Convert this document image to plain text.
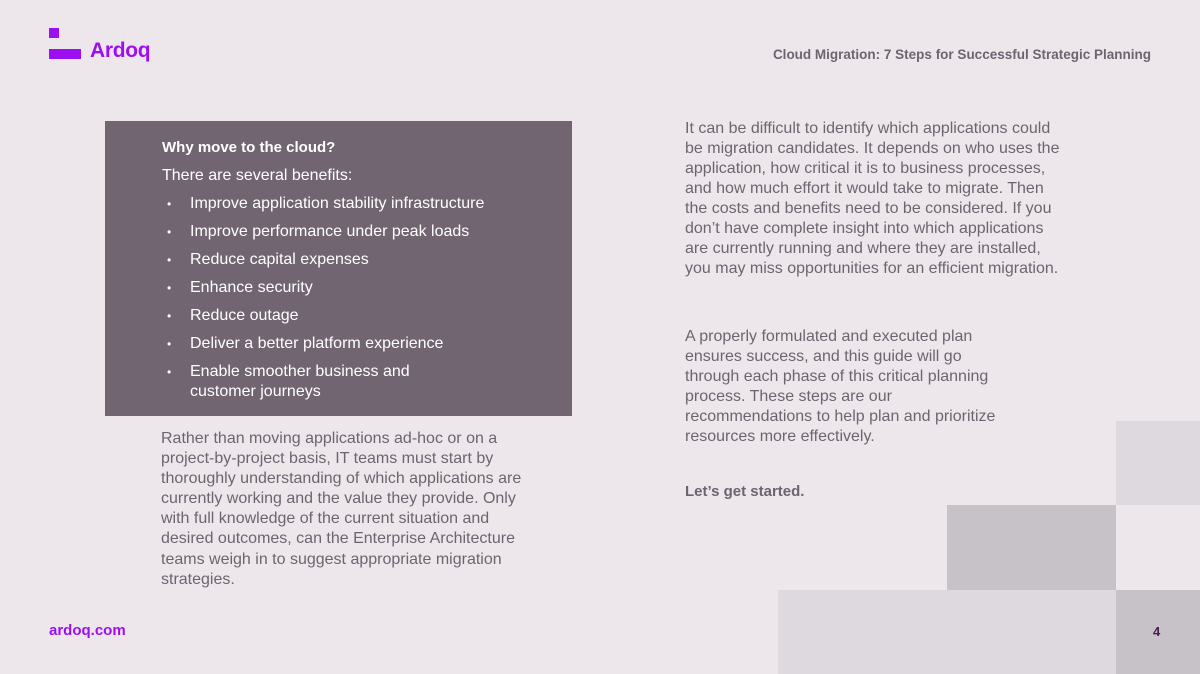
Ardoq	Cloud Migration: 7 Steps for Successful Strategic Planning
Why move to the cloud?
There are several benefits:
• Improve application stability infrastructure
• Improve performance under peak loads
• Reduce capital expenses
• Enhance security
• Reduce outage
• Deliver a better platform experience
• Enable smoother business and customer journeys
Rather than moving applications ad-hoc or on a project-by-project basis, IT teams must start by thoroughly understanding of which applications are currently working and the value they provide. Only with full knowledge of the current situation and desired outcomes, can the Enterprise Architecture teams weigh in to suggest appropriate migration strategies.
It can be difficult to identify which applications could be migration candidates. It depends on who uses the application, how critical it is to business processes, and how much effort it would take to migrate. Then the costs and benefits need to be considered. If you don’t have complete insight into which applications are currently running and where they are installed, you may miss opportunities for an efficient migration.
A properly formulated and executed plan ensures success, and this guide will go through each phase of this critical planning process. These steps are our recommendations to help plan and prioritize resources more effectively.
Let’s get started.
ardoq.com	4
